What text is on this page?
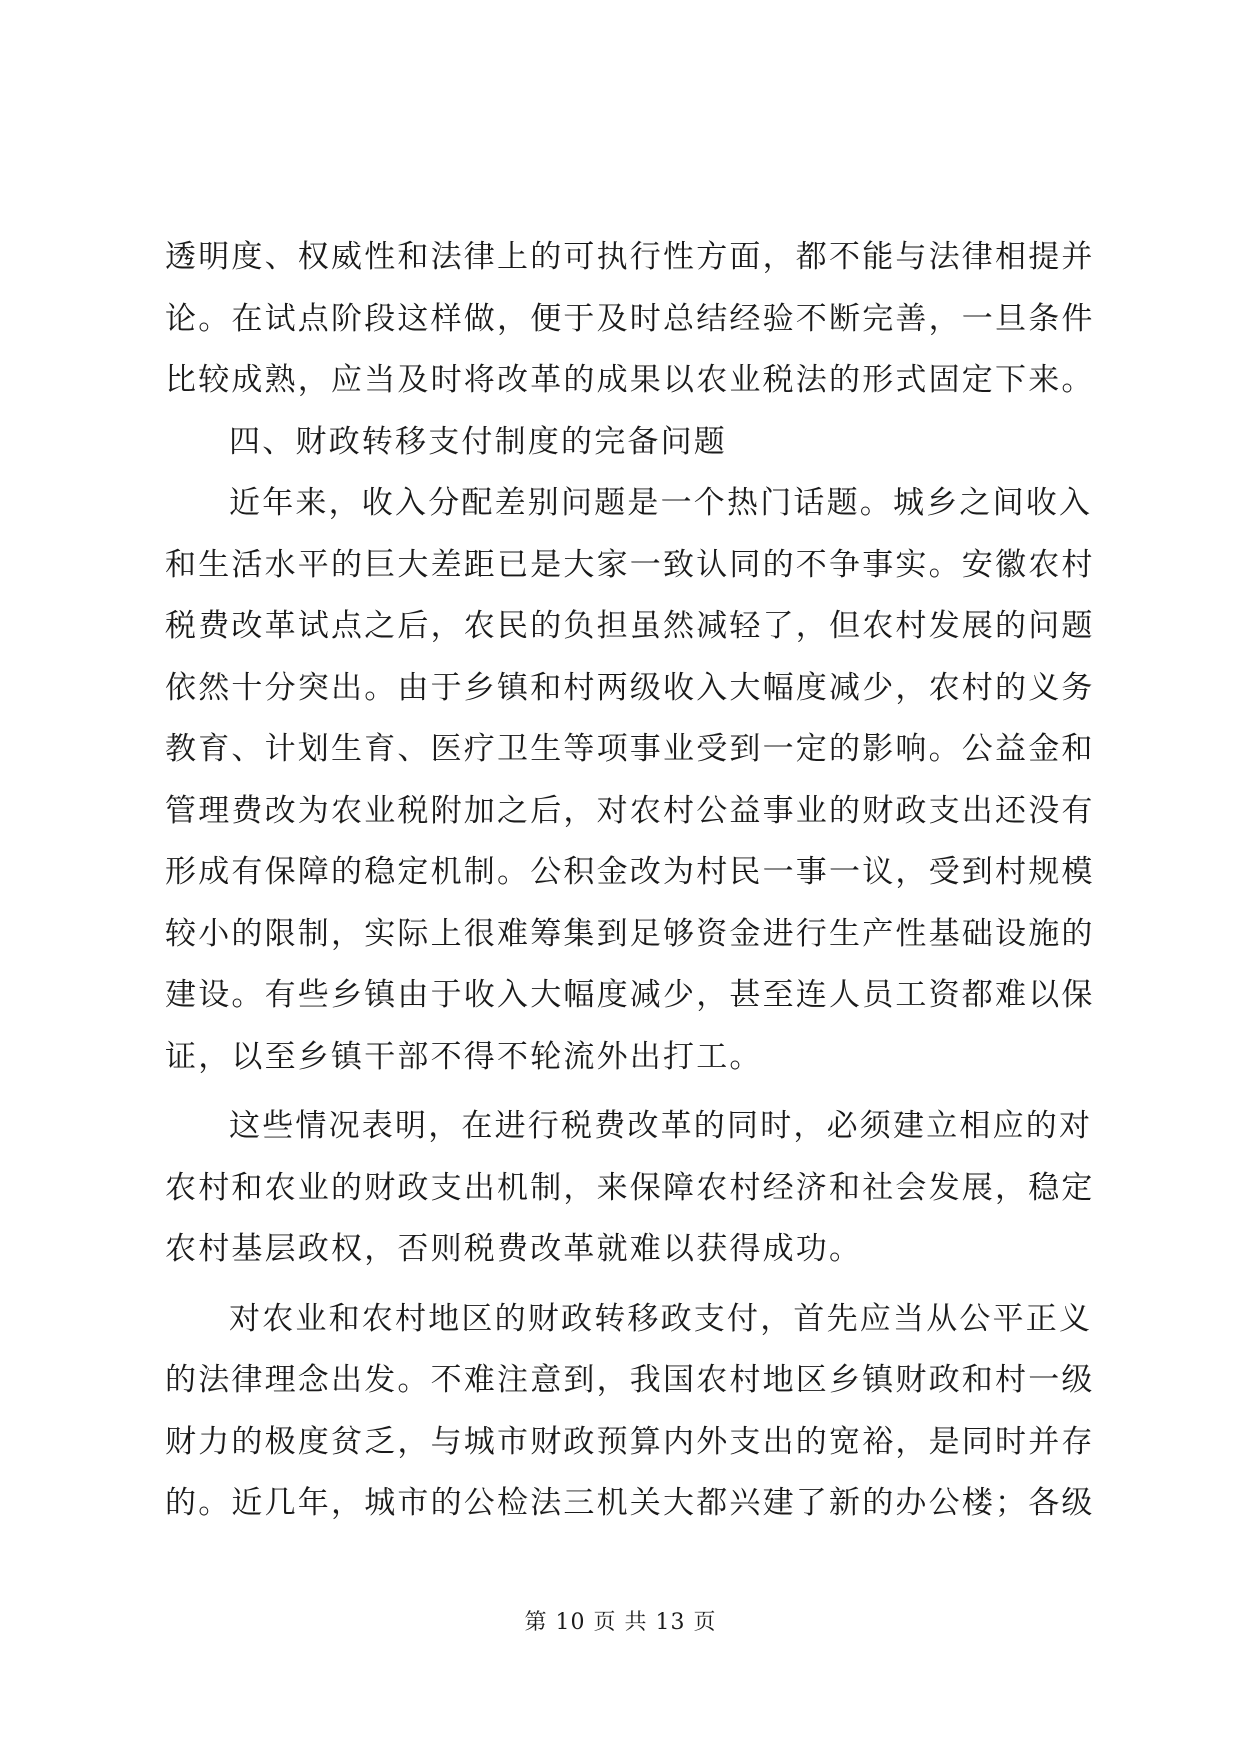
透明度、权威性和法律上的可执行性方面，都不能与法律相提并
论。在试点阶段这样做，便于及时总结经验不断完善，一旦条件
比较成熟，应当及时将改革的成果以农业税法的形式固定下来。

四、财政转移支付制度的完备问题

近年来，收入分配差别问题是一个热门话题。城乡之间收入
和生活水平的巨大差距已是大家一致认同的不争事实。安徽农村
税费改革试点之后，农民的负担虽然减轻了，但农村发展的问题
依然十分突出。由于乡镇和村两级收入大幅度减少，农村的义务
教育、计划生育、医疗卫生等项事业受到一定的影响。公益金和
管理费改为农业税附加之后，对农村公益事业的财政支出还没有
形成有保障的稳定机制。公积金改为村民一事一议，受到村规模
较小的限制，实际上很难筹集到足够资金进行生产性基础设施的
建设。有些乡镇由于收入大幅度减少，甚至连人员工资都难以保
证，以至乡镇干部不得不轮流外出打工。

这些情况表明，在进行税费改革的同时，必须建立相应的对
农村和农业的财政支出机制，来保障农村经济和社会发展，稳定
农村基层政权，否则税费改革就难以获得成功。

对农业和农村地区的财政转移政支付，首先应当从公平正义
的法律理念出发。不难注意到，我国农村地区乡镇财政和村一级
财力的极度贫乏，与城市财政预算内外支出的宽裕，是同时并存
的。近几年，城市的公检法三机关大都兴建了新的办公楼；各级

第 10 页 共 13 页
